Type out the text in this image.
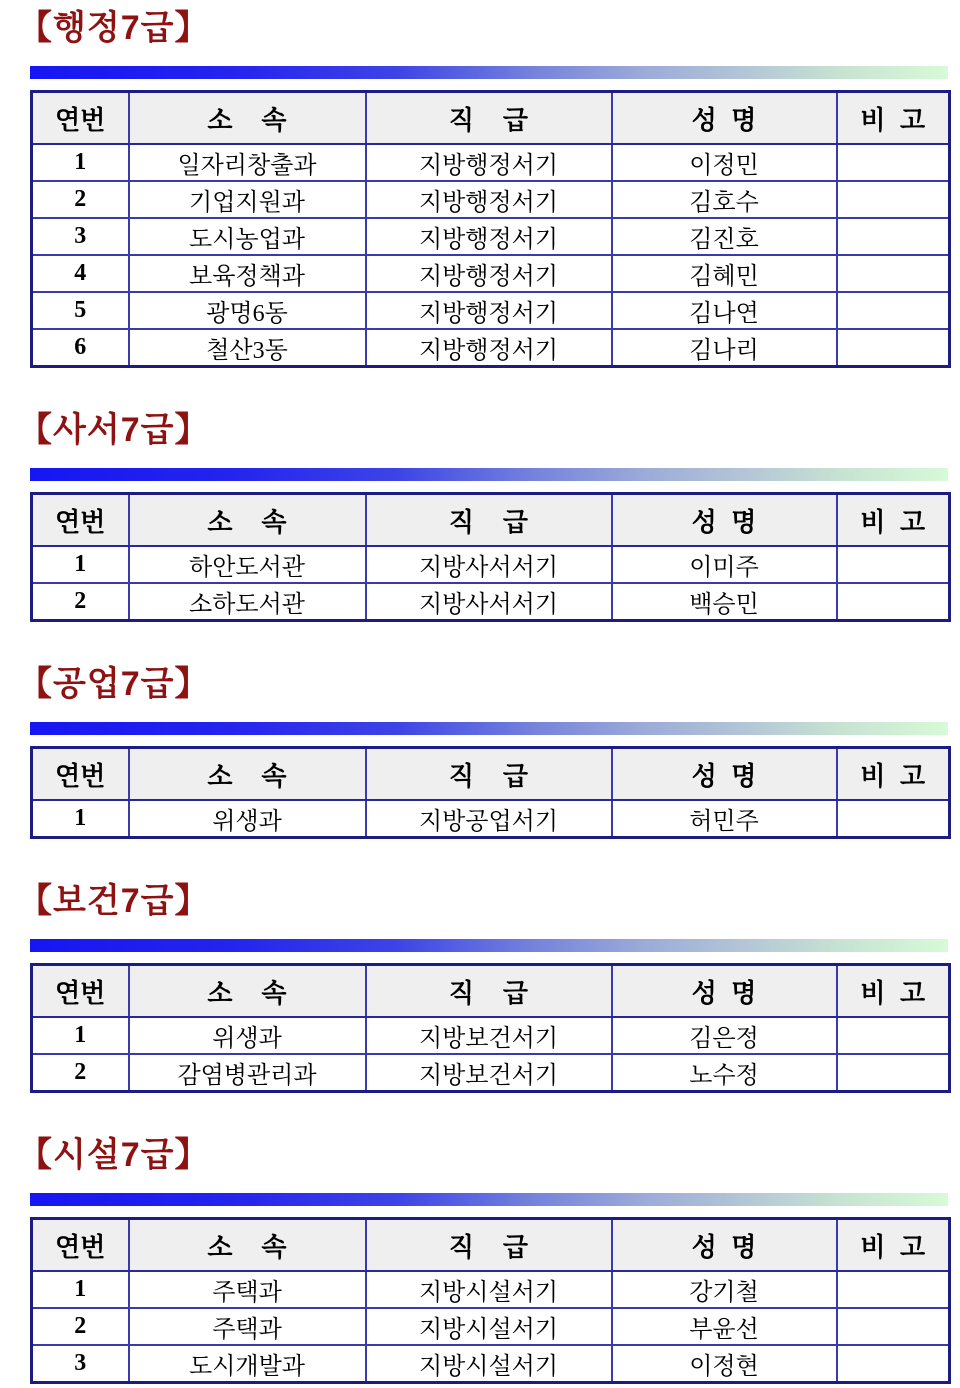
【행정7급】
연번	소    속	직    급	성  명	비  고
1	일자리창출과	지방행정서기	이정민	
2	기업지원과	지방행정서기	김호수	
3	도시농업과	지방행정서기	김진호	
4	보육정책과	지방행정서기	김혜민	
5	광명6동	지방행정서기	김나연	
6	철산3동	지방행정서기	김나리	
【사서7급】
연번	소    속	직    급	성  명	비  고
1	하안도서관	지방사서서기	이미주	
2	소하도서관	지방사서서기	백승민	
【공업7급】
연번	소    속	직    급	성  명	비  고
1	위생과	지방공업서기	허민주	
【보건7급】
연번	소    속	직    급	성  명	비  고
1	위생과	지방보건서기	김은정	
2	감염병관리과	지방보건서기	노수정	
【시설7급】
연번	소    속	직    급	성  명	비  고
1	주택과	지방시설서기	강기철	
2	주택과	지방시설서기	부윤선	
3	도시개발과	지방시설서기	이정현	
